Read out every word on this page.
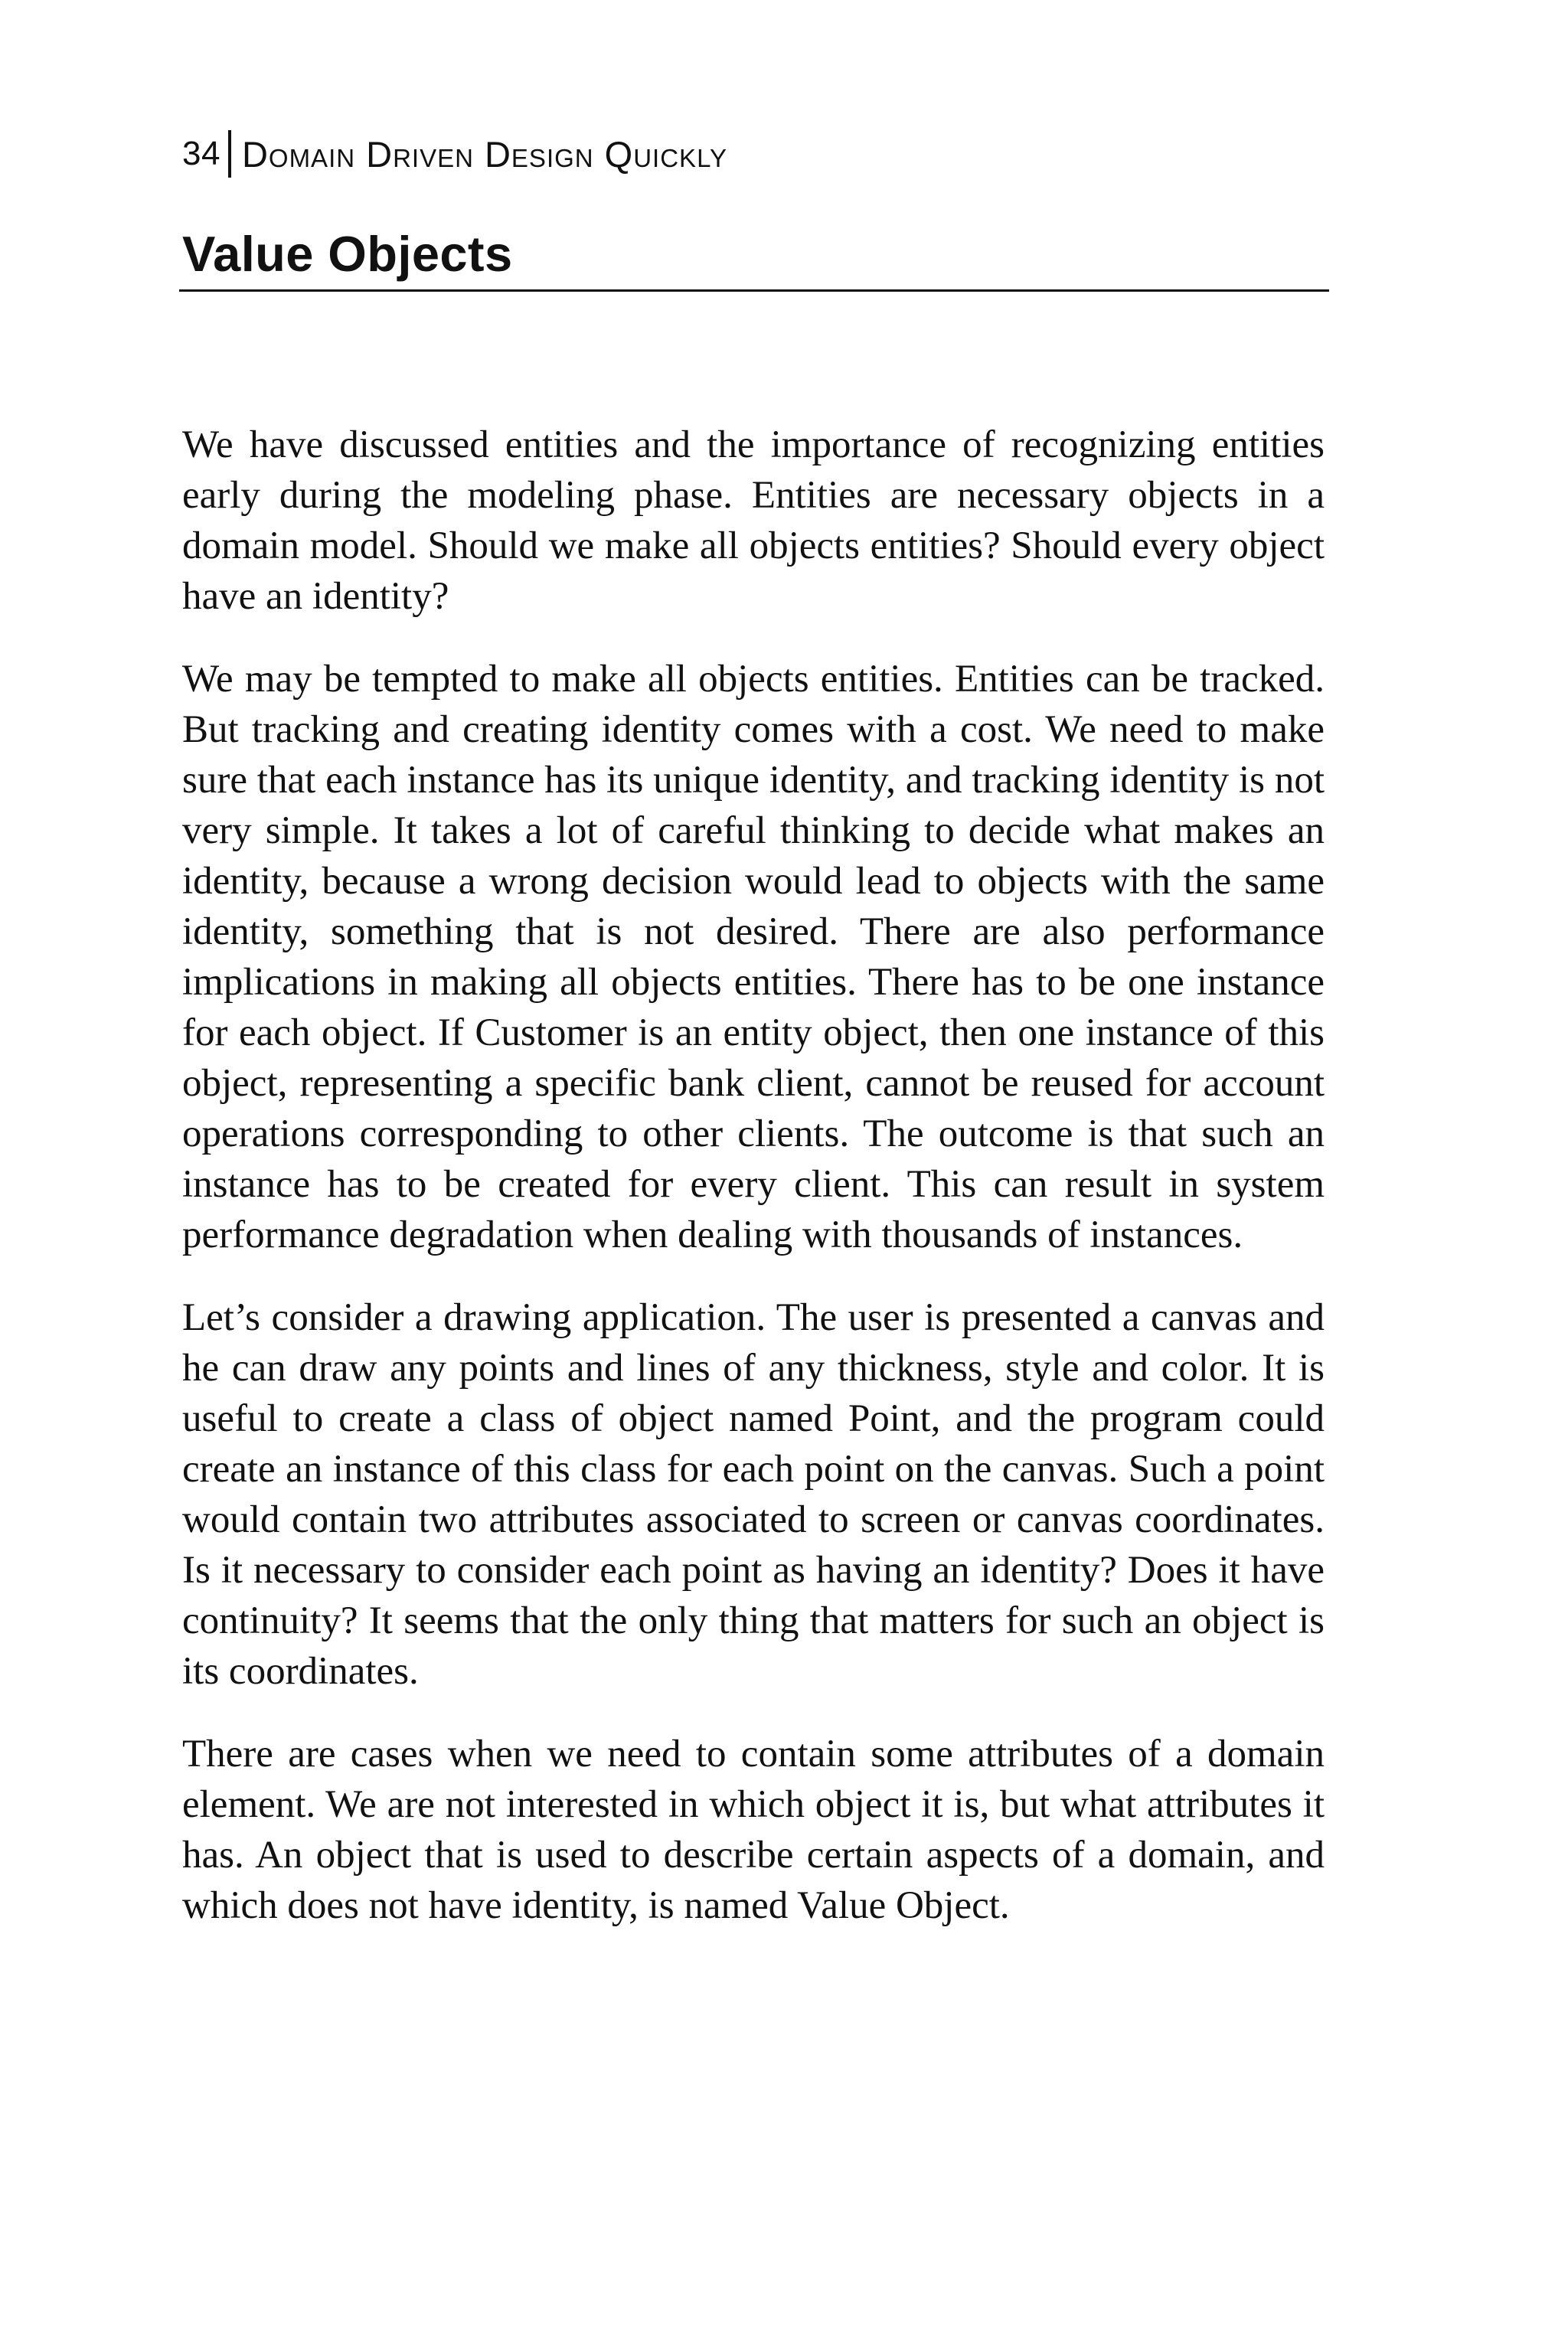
34 Domain Driven Design Quickly
Value Objects

We have discussed entities and the importance of recognizing entities early during the modeling phase. Entities are necessary objects in a domain model. Should we make all objects entities? Should every object have an identity?

We may be tempted to make all objects entities. Entities can be tracked. But tracking and creating identity comes with a cost. We need to make sure that each instance has its unique identity, and tracking identity is not very simple. It takes a lot of careful thinking to decide what makes an identity, because a wrong decision would lead to objects with the same identity, something that is not desired. There are also performance implications in making all objects entities. There has to be one instance for each object. If Customer is an entity object, then one instance of this object, representing a specific bank client, cannot be reused for account operations corresponding to other clients. The outcome is that such an instance has to be created for every client. This can result in system performance degradation when dealing with thousands of instances.

Let’s consider a drawing application. The user is presented a canvas and he can draw any points and lines of any thickness, style and color. It is useful to create a class of object named Point, and the program could create an instance of this class for each point on the canvas. Such a point would contain two attributes associated to screen or canvas coordinates. Is it necessary to consider each point as having an identity? Does it have continuity? It seems that the only thing that matters for such an object is its coordinates.

There are cases when we need to contain some attributes of a domain element. We are not interested in which object it is, but what attributes it has. An object that is used to describe certain aspects of a domain, and which does not have identity, is named Value Object.
